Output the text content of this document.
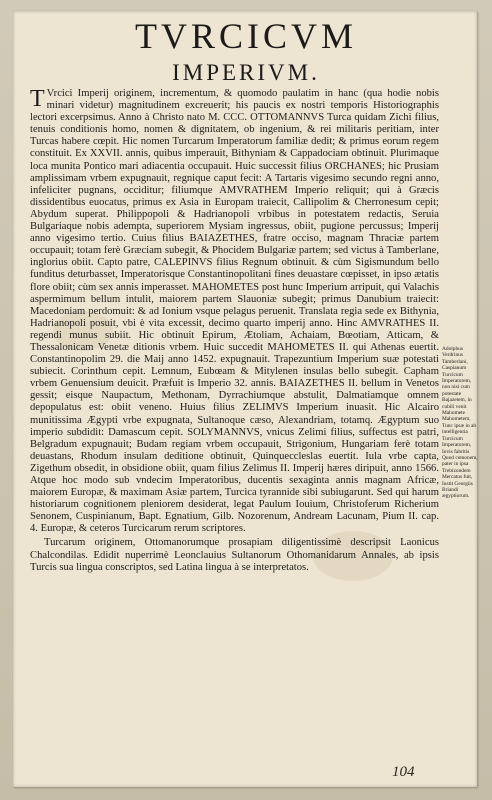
TVRCICVM
IMPERIVM.

TVrcici Imperij originem, incrementum, & quomodo paulatim in hanc (qua hodie nobis minari videtur) magnitudinem excreuerit; his paucis ex nostri temporis Historiographis lectori excerpsimus. Anno à Christo nato M. CCC. OTTOMANNVS Turca quidam Zichi filius, tenuis conditionis homo, nomen & dignitatem, ob ingenium, & rei militaris peritiam, inter Turcas habere cœpit. Hic nomen Turcarum Imperatorum familiæ dedit; & primus eorum regem constituit. Ex XXVII. annis, quibus imperauit, Bithyniam & Cappadociam obtinuit. Plurimaque loca munita Pontico mari adiacentia occupauit. Huic successit filius ORCHANES; hic Prusiam amplissimam vrbem expugnauit, regnique caput fecit: A Tartaris vigesimo secundo regni anno, infeliciter pugnans, occiditur; filiumque AMVRATHEM Imperio reliquit; qui à Græcis dissidentibus euocatus, primus ex Asia in Europam traiecit, Callipolim & Cherronesum cepit; Abydum superat. Philippopoli & Hadrianopoli vrbibus in potestatem redactis, Seruia Bulgariaque nobis adempta, superiorem Mysiam ingressus, obiit, pugione percussus; Imperij anno vigesimo tertio. Cuius filius BAIAZETHES, fratre occiso, magnam Thraciæ partem occupauit; totam ferè Græciam subegit, & Phocidem Bulgariæ partem; sed victus à Tamberlane, inglorius obiit. Capto patre, CALEPINVS filius Regnum obtinuit. & cùm Sigismundum bello funditus deturbasset, Imperatorisque Constantinopolitani fines deuastare cœpisset, in ipso ætatis flore obiit; cùm sex annis imperasset. MAHOMETES post hunc Imperium arripuit, qui Valachis aspermimum bellum intulit, maiorem partem Slauoniæ subegit; primus Danubium traiecit: Macedoniam perdomuit: & ad Ionium vsque pelagus peruenit. Translata regia sede ex Bithynia, Hadrianopoli posuit, vbi è vita excessit, decimo quarto imperij anno. Hinc AMVRATHES II. regendi munus subiit. Hic obtinuit Epirum, Ætoliam, Achaiam, Bœotiam, Atticam, & Thessalonicam Venetæ ditionis vrbem. Huic succedit MAHOMETES II. qui Athenas euertit. Constantinopolim 29. die Maij anno 1452. expugnauit. Trapezuntium Imperium suæ potestati subiecit. Corinthum cepit. Lemnum, Eubœam & Mitylenen insulas bello subegit. Capham vrbem Genuensium deuicit. Præfuit is Imperio 32. annis. BAIAZETHES II. bellum in Venetos gessit; eisque Naupactum, Methonam, Dyrrachiumque abstulit, Dalmatiamque omnem depopulatus est: obiit veneno. Huius filius ZELIMVS Imperium inuasit. Hic Alcairo munitissima Ægypti vrbe expugnata, Sultanoque cæso, Alexandriam, totamq. Ægyptum suo imperio subdidit: Damascum cepit. SOLYMANNVS, vnicus Zelimi filius, suffectus est patri, Belgradum expugnauit; Budam regiam vrbem occupauit, Strigonium, Hungariam ferè totam deuastans, Rhodum insulam deditione obtinuit, Quinqueccleslas euertit. Iula vrbe capta, Zigethum obsedit, in obsidione obiit, quam filius Zelimus II. Imperij hæres diripuit, anno 1566. Atque hoc modo sub vndecim Imperatoribus, ducentis sexaginta annis magnam Africæ, maiorem Europæ, & maximam Asiæ partem, Turcica tyrannide sibi subiugarunt. Sed qui harum historiarum cognitionem pleniorem desiderat, legat Paulum Iouium, Christoferum Richerium Senonem, Cuspinianum, Bapt. Egnatium, Gilb. Nozorenum, Andream Lacunam, Pium II. cap. 4. Europæ, & ceteros Turcicarum rerum scriptores.

Turcarum originem, Ottomanorumque prosapiam diligentissimè descripsit Laonicus Chalcondilas. Edidit nuperrimè Leonclauius Sultanorum Othomanidarum Annales, ab ipsis Turcis sua lingua conscriptos, sed Latina lingua à se interpretatos.

Adolphus Verdrinus Tamberlani, Caspianum Turcicum Imperatorem, non nisi cum potestate Bajazetem, in cubili venit Mahomete Mahometem, Tunc ipsæ in ab intelligentia Turcicum Imperatorem, Iovis fabritis Quod cœnonem, pater in ipsa Trebizondem Mercatus fuit, Iustit Georgiis Briandi ægyptiorum.
104
